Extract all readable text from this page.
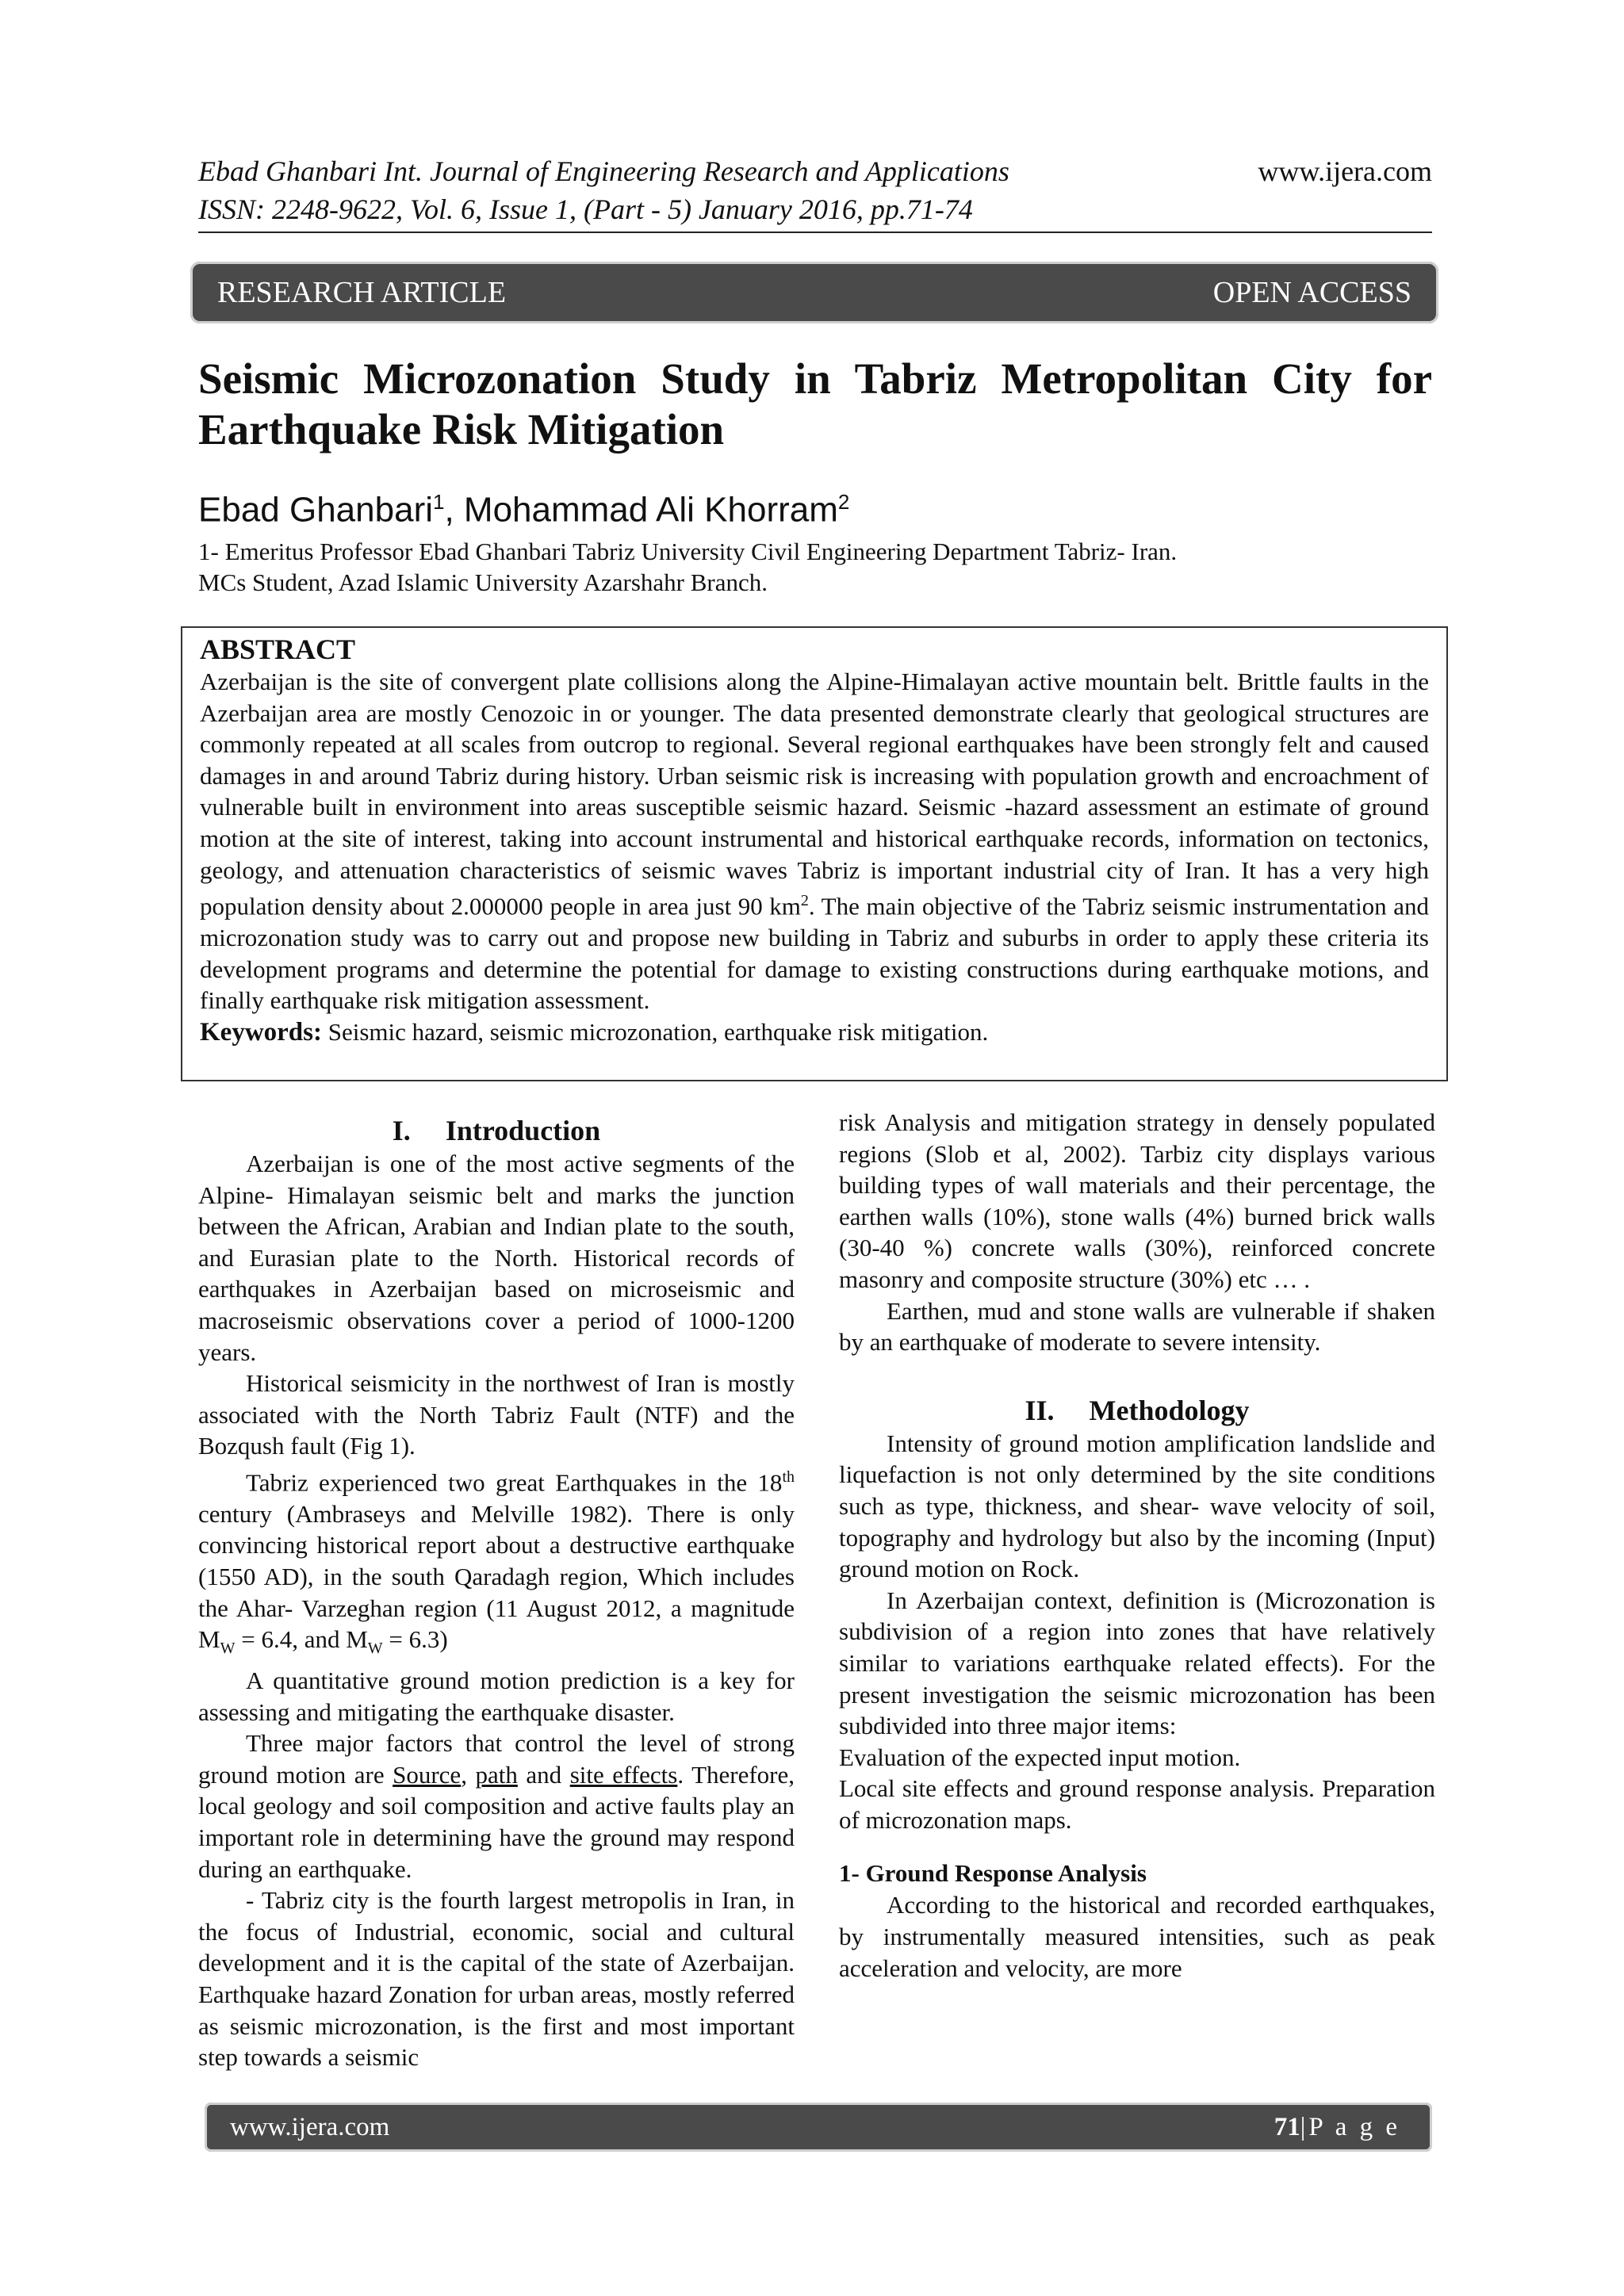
Ebad Ghanbari Int. Journal of Engineering Research and Applications	www.ijera.com
ISSN: 2248-9622, Vol. 6, Issue 1, (Part - 5) January 2016, pp.71-74
RESEARCH ARTICLE	OPEN ACCESS
Seismic Microzonation Study in Tabriz Metropolitan City for Earthquake Risk Mitigation
Ebad Ghanbari$^1$, Mohammad Ali Khorram$^2$
1- Emeritus Professor Ebad Ghanbari Tabriz University Civil Engineering Department Tabriz- Iran.
MCs Student, Azad Islamic University Azarshahr Branch.
ABSTRACT
Azerbaijan is the site of convergent plate collisions along the Alpine-Himalayan active mountain belt. Brittle faults in the Azerbaijan area are mostly Cenozoic in or younger. The data presented demonstrate clearly that geological structures are commonly repeated at all scales from outcrop to regional. Several regional earthquakes have been strongly felt and caused damages in and around Tabriz during history. Urban seismic risk is increasing with population growth and encroachment of vulnerable built in environment into areas susceptible seismic hazard. Seismic -hazard assessment an estimate of ground motion at the site of interest, taking into account instrumental and historical earthquake records, information on tectonics, geology, and attenuation characteristics of seismic waves Tabriz is important industrial city of Iran. It has a very high population density about 2.000000 people in area just 90 $km^2$. The main objective of the Tabriz seismic instrumentation and microzonation study was to carry out and propose new building in Tabriz and suburbs in order to apply these criteria its development programs and determine the potential for damage to existing constructions during earthquake motions, and finally earthquake risk mitigation assessment.
Keywords: Seismic hazard, seismic microzonation, earthquake risk mitigation.
I. Introduction

Azerbaijan is one of the most active segments of the Alpine- Himalayan seismic belt and marks the junction between the African, Arabian and Indian plate to the south, and Eurasian plate to the North. Historical records of earthquakes in Azerbaijan based on microseismic and macroseismic observations cover a period of 1000-1200 years.

Historical seismicity in the northwest of Iran is mostly associated with the North Tabriz Fault (NTF) and the Bozqush fault (Fig 1).

Tabriz experienced two great Earthquakes in the 18th century (Ambraseys and Melville 1982). There is only convincing historical report about a destructive earthquake (1550 AD), in the south Qaradagh region, Which includes the Ahar- Varzeghan region (11 August 2012, a magnitude $M_W = 6.4$, and $M_W = 6.3$)

A quantitative ground motion prediction is a key for assessing and mitigating the earthquake disaster.

Three major factors that control the level of strong ground motion are Source, path and site effects. Therefore, local geology and soil composition and active faults play an important role in determining have the ground may respond during an earthquake.

- Tabriz city is the fourth largest metropolis in Iran, in the focus of Industrial, economic, social and cultural development and it is the capital of the state of Azerbaijan. Earthquake hazard Zonation for urban areas, mostly referred as seismic microzonation, is the first and most important step towards a seismic

risk Analysis and mitigation strategy in densely populated regions (Slob et al, 2002). Tarbiz city displays various building types of wall materials and their percentage, the earthen walls (10%), stone walls (4%) burned brick walls (30-40 %) concrete walls (30%), reinforced concrete masonry and composite structure (30%) etc … .

Earthen, mud and stone walls are vulnerable if shaken by an earthquake of moderate to severe intensity.

II. Methodology

Intensity of ground motion amplification landslide and liquefaction is not only determined by the site conditions such as type, thickness, and shear- wave velocity of soil, topography and hydrology but also by the incoming (Input) ground motion on Rock.

In Azerbaijan context, definition is (Microzonation is subdivision of a region into zones that have relatively similar to variations earthquake related effects). For the present investigation the seismic microzonation has been subdivided into three major items:

Evaluation of the expected input motion.

Local site effects and ground response analysis. Preparation of microzonation maps.

1- Ground Response Analysis

According to the historical and recorded earthquakes, by instrumentally measured intensities, such as peak acceleration and velocity, are more

www.ijera.com	71|P a g e
